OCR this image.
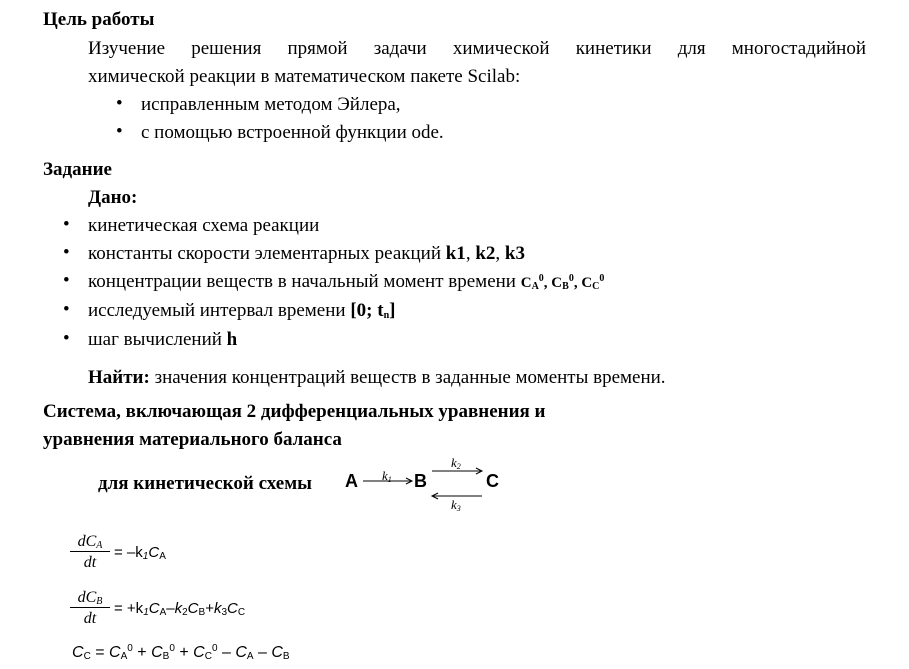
Цель работы
Изучение решения прямой задачи химической кинетики для многостадийной
химической реакции в математическом пакете Scilab:
• исправленным методом Эйлера,
• с помощью встроенной функции ode.
Задание
Дано:
• кинетическая схема реакции
• константы скорости элементарных реакций k1, k2, k3
• концентрации веществ в начальный момент времени $C_A^0$, $C_B^0$, $C_C^0$
• исследуемый интервал времени [0; $t_n$]
• шаг вычислений h
Найти: значения концентраций веществ в заданные моменты времени.
Система, включающая 2 дифференциальных уравнения и
уравнения материального баланса
для кинетической схемы A	B	C
$k_1$
$k_2$
$k_3$
$dC_A$
dt
= $-k_1C_A$
$dC_B$
dt
= $+k_1C_A-k_2C_B+k_3C_C$
$C_C = C_A^0 + C_B^0 + C_C^0 - C_A - C_B$
